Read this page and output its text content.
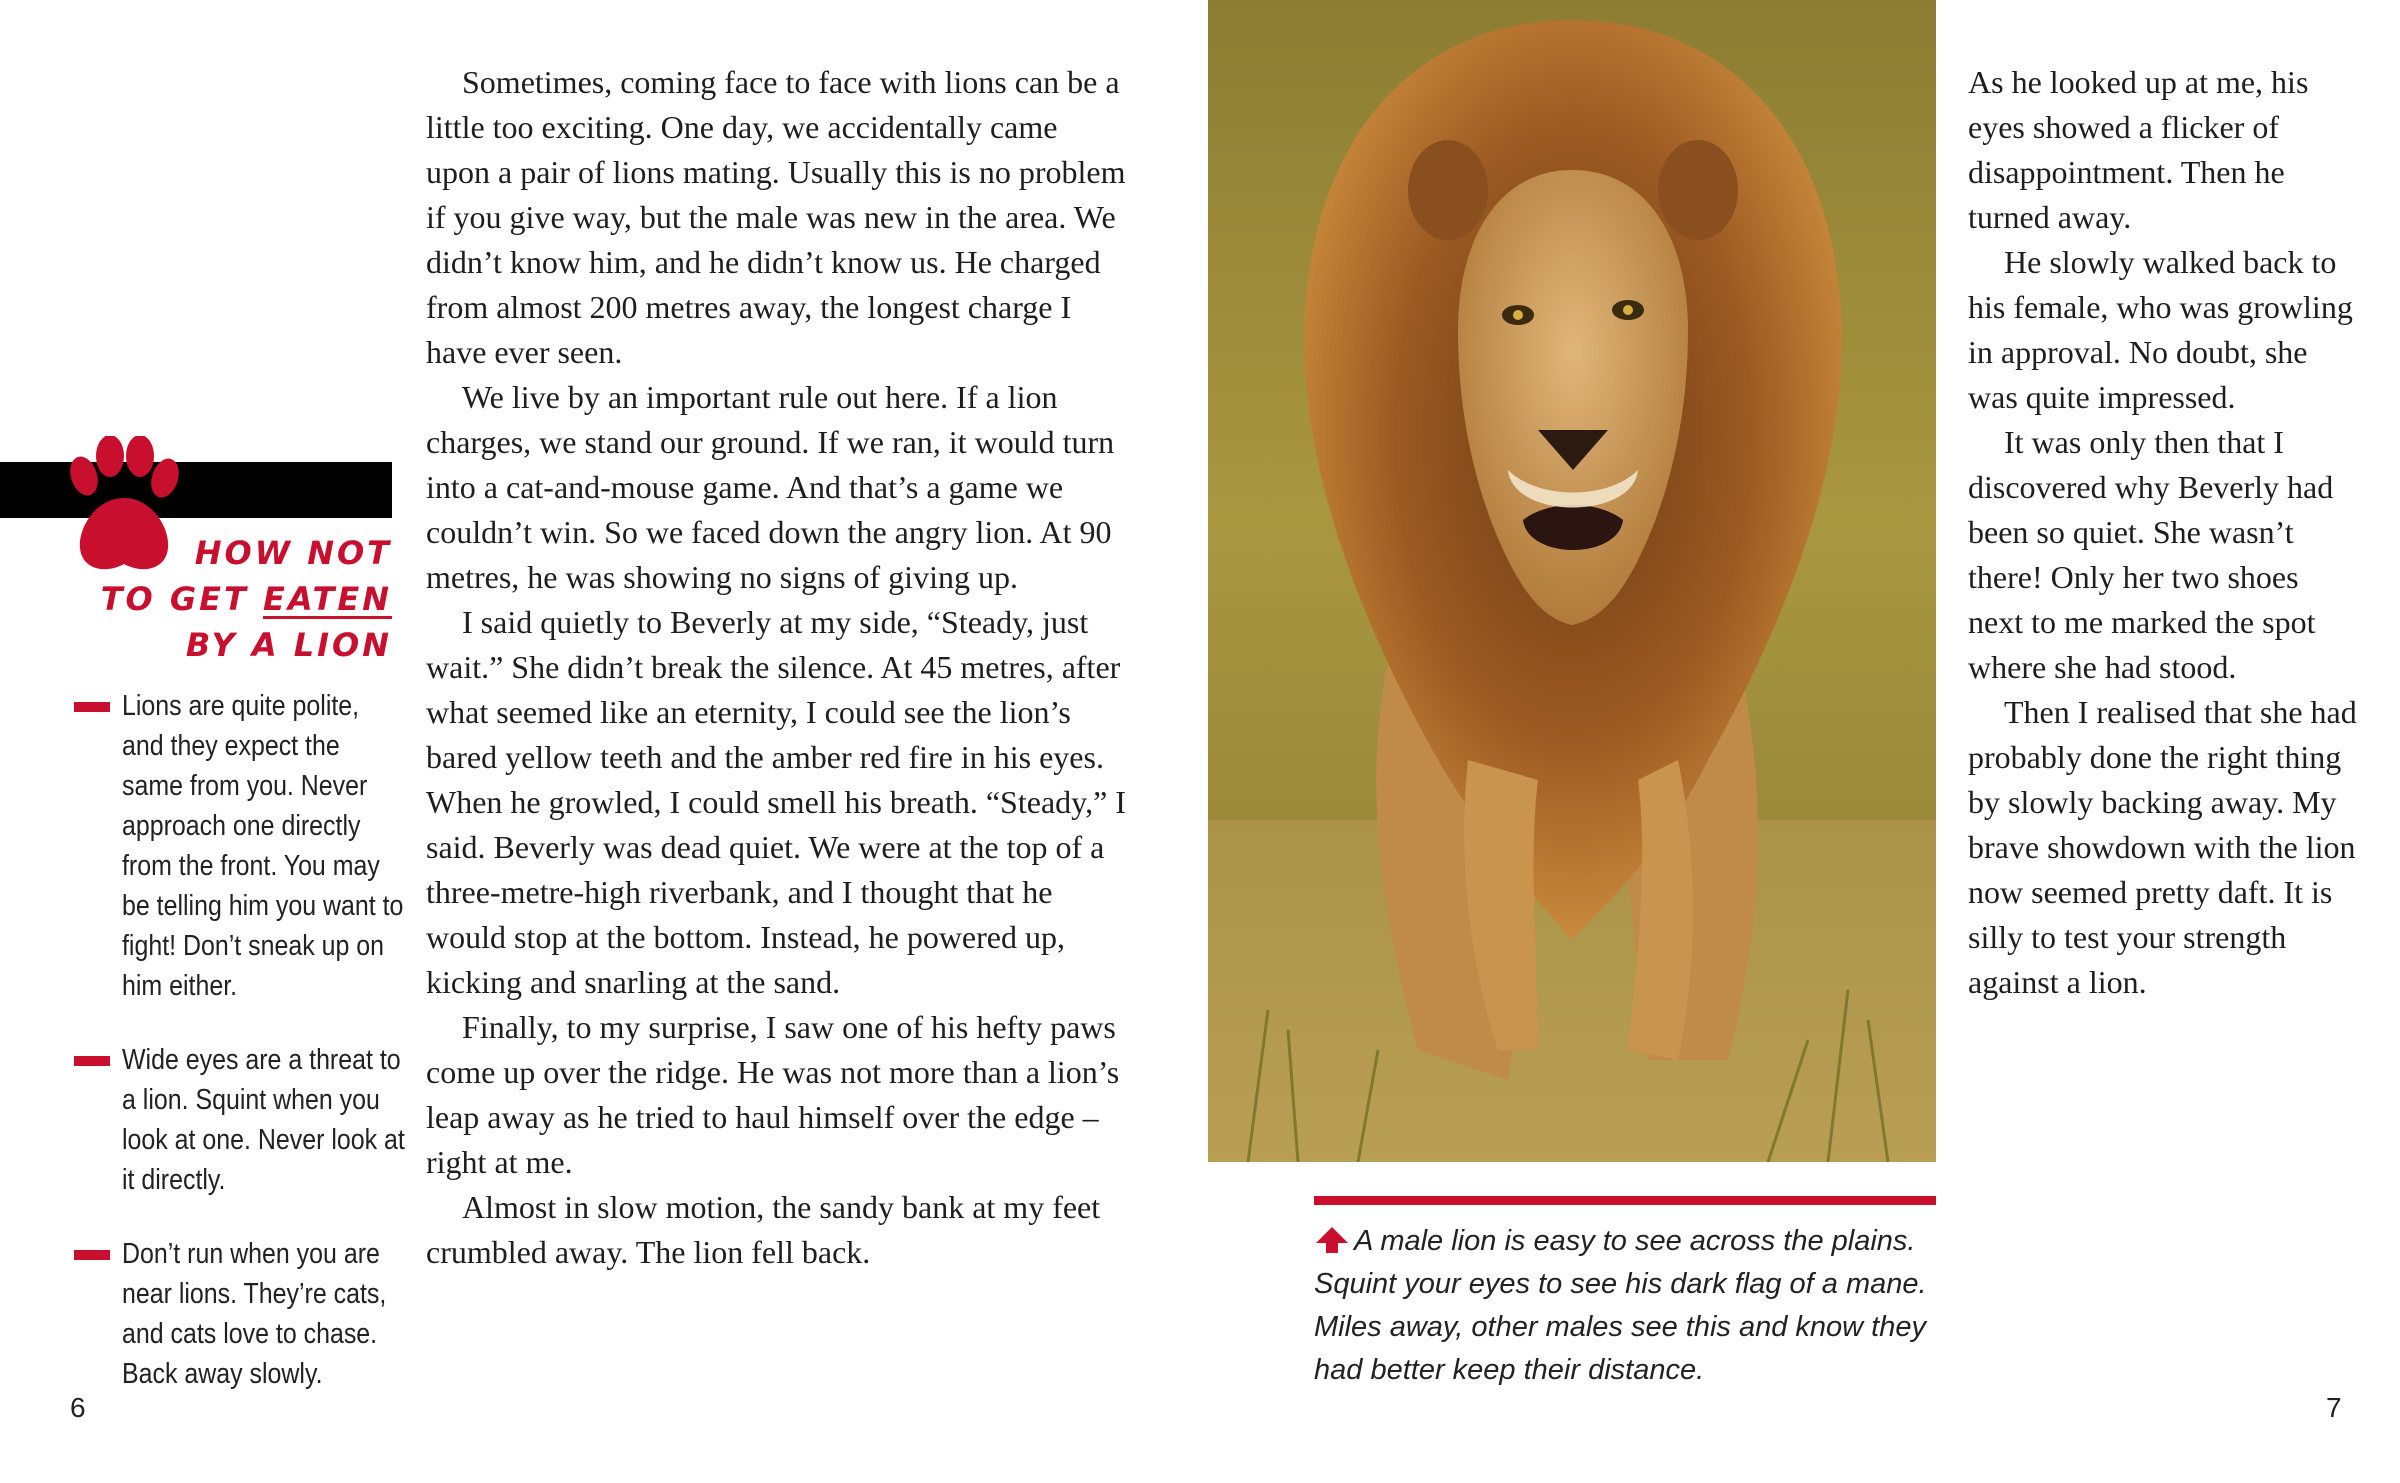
HOW NOT
TO GET EATEN
BY A LION
Lions are quite polite, and they expect the same from you. Never approach one directly from the front. You may be telling him you want to fight! Don’t sneak up on him either.
Wide eyes are a threat to a lion. Squint when you look at one. Never look at it directly.
Don’t run when you are near lions. They’re cats, and cats love to chase. Back away slowly.

Sometimes, coming face to face with lions can be a little too exciting. One day, we accidentally came upon a pair of lions mating. Usually this is no problem if you give way, but the male was new in the area. We didn’t know him, and he didn’t know us. He charged from almost 200 metres away, the longest charge I have ever seen.

We live by an important rule out here. If a lion charges, we stand our ground. If we ran, it would turn into a cat-and-mouse game. And that’s a game we couldn’t win. So we faced down the angry lion. At 90 metres, he was showing no signs of giving up.

I said quietly to Beverly at my side, “Steady, just wait.” She didn’t break the silence. At 45 metres, after what seemed like an eternity, I could see the lion’s bared yellow teeth and the amber red fire in his eyes. When he growled, I could smell his breath. “Steady,” I said. Beverly was dead quiet. We were at the top of a three-metre-high riverbank, and I thought that he would stop at the bottom. Instead, he powered up, kicking and snarling at the sand.

Finally, to my surprise, I saw one of his hefty paws come up over the ridge. He was not more than a lion’s leap away as he tried to haul himself over the edge – right at me.

Almost in slow motion, the sandy bank at my feet crumbled away. The lion fell back.	A male lion is easy to see across the plains. Squint your eyes to see his dark flag of a mane. Miles away, other males see this and know they had better keep their distance.

As he looked up at me, his eyes showed a flicker of disappointment. Then he turned away.

He slowly walked back to his female, who was growling in approval. No doubt, she was quite impressed.

It was only then that I discovered why Beverly had been so quiet. She wasn’t there! Only her two shoes next to me marked the spot where she had stood.

Then I realised that she had probably done the right thing by slowly backing away. My brave showdown with the lion now seemed pretty daft. It is silly to test your strength against a lion.

6	7
